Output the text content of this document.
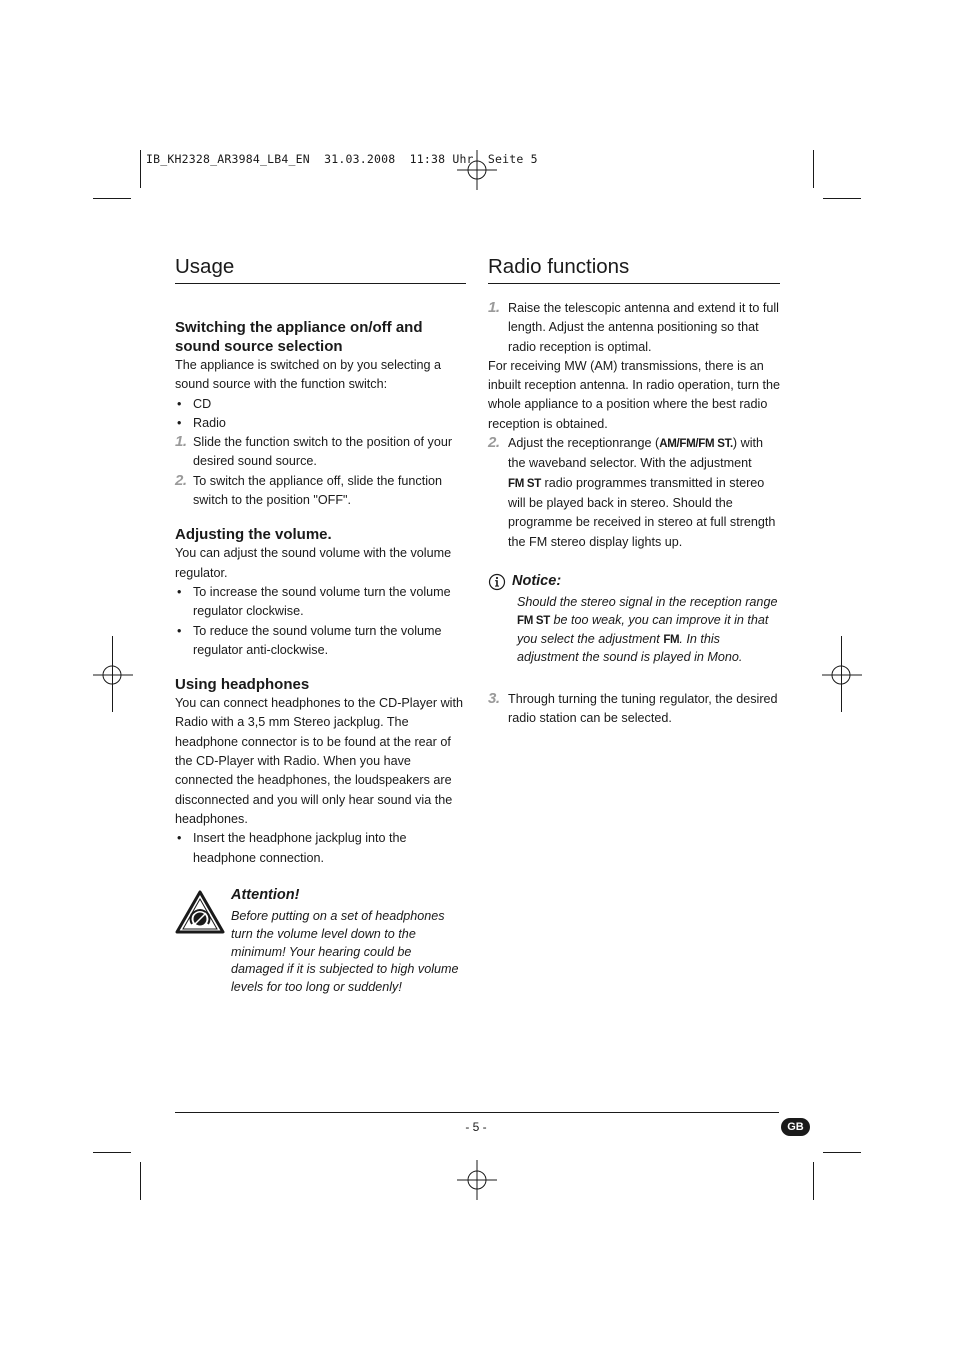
IB_KH2328_AR3984_LB4_EN  31.03.2008  11:38 Uhr  Seite 5
Usage
Switching the appliance on/off and sound source selection

The appliance is switched on by you selecting a sound source with the function switch:

• CD
• Radio
1. Slide the function switch to the position of your desired sound source.
2. To switch the appliance off, slide the function switch to the position "OFF".
Adjusting the volume.

You can adjust the sound volume with the volume regulator.

• To increase the sound volume turn the volume regulator clockwise.
• To reduce the sound volume turn the volume regulator anti-clockwise.
Using headphones

You can connect headphones to the CD-Player with Radio with a 3,5 mm Stereo jackplug. The headphone connector is to be found at the rear of the CD-Player with Radio. When you have connected the headphones, the loudspeakers are disconnected and you will only hear sound via the headphones.

• Insert the headphone jackplug into the headphone connection.
Attention!

Before putting on a set of headphones turn the volume level down to the minimum! Your hearing could be damaged if it is subjected to high volume levels for too long or suddenly!

Radio functions
1. Raise the telescopic antenna and extend it to full length. Adjust the antenna positioning so that radio reception is optimal.

For receiving MW (AM) transmissions, there is an inbuilt reception antenna. In radio operation, turn the whole appliance to a position where the best radio reception is obtained.

2. Adjust the receptionrange (AM/FM/FM ST.) with the waveband selector. With the adjustment
FM ST radio programmes transmitted in stereo will be played back in stereo. Should the programme be received in stereo at full strength the FM stereo display lights up.
Notice:

Should the stereo signal in the reception range FM ST be too weak, you can improve it in that you select the adjustment FM. In this adjustment the sound is played in Mono.

3. Through turning the tuning regulator, the desired radio station can be selected.
- 5 -	GB
